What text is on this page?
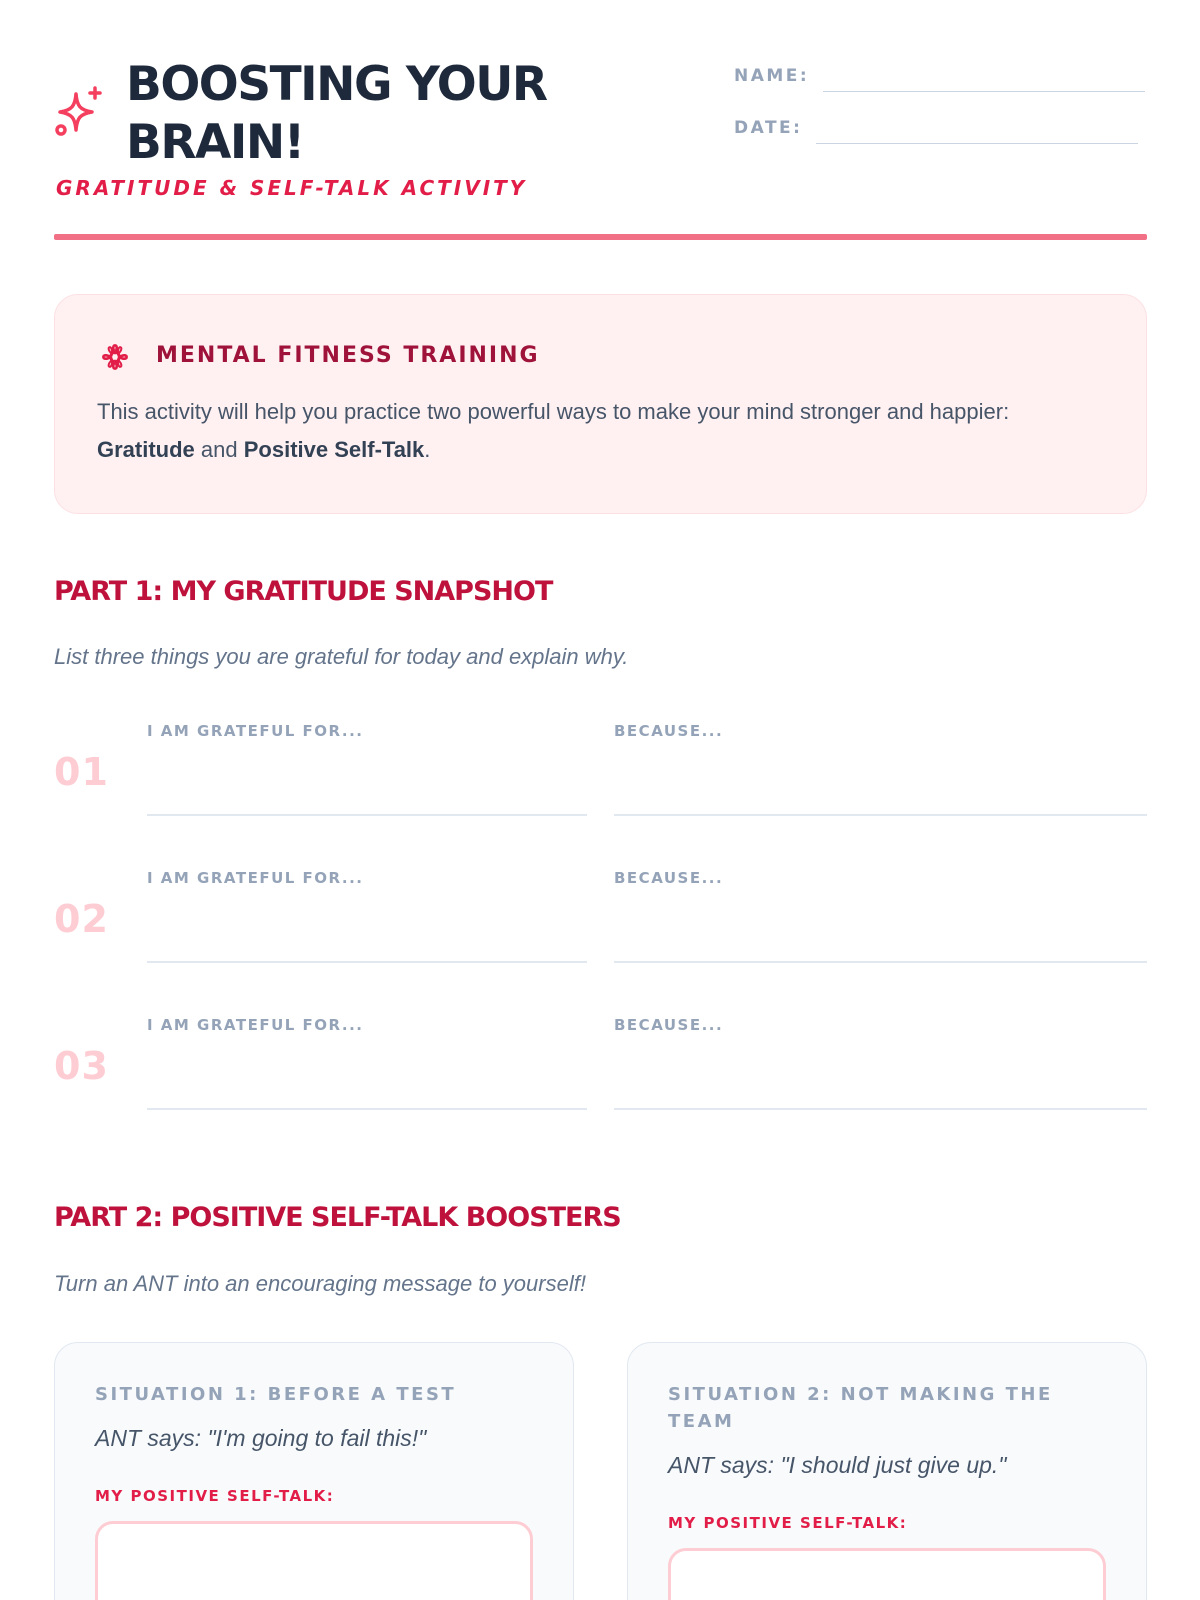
BOOSTING YOUR
BRAIN!
GRATITUDE & SELF-TALK ACTIVITY
NAME:
DATE:
MENTAL FITNESS TRAINING

This activity will help you practice two powerful ways to make your mind stronger and happier: Gratitude and Positive Self-Talk.

PART 1: MY GRATITUDE SNAPSHOT
List three things you are grateful for today and explain why.
01
I AM GRATEFUL FOR...	BECAUSE...
02
I AM GRATEFUL FOR...	BECAUSE...
03
I AM GRATEFUL FOR...	BECAUSE...
PART 2: POSITIVE SELF-TALK BOOSTERS
Turn an ANT into an encouraging message to yourself!
SITUATION 1: BEFORE A TEST
ANT says: "I'm going to fail this!"
MY POSITIVE SELF-TALK:
SITUATION 2: NOT MAKING THE TEAM
ANT says: "I should just give up."
MY POSITIVE SELF-TALK:
